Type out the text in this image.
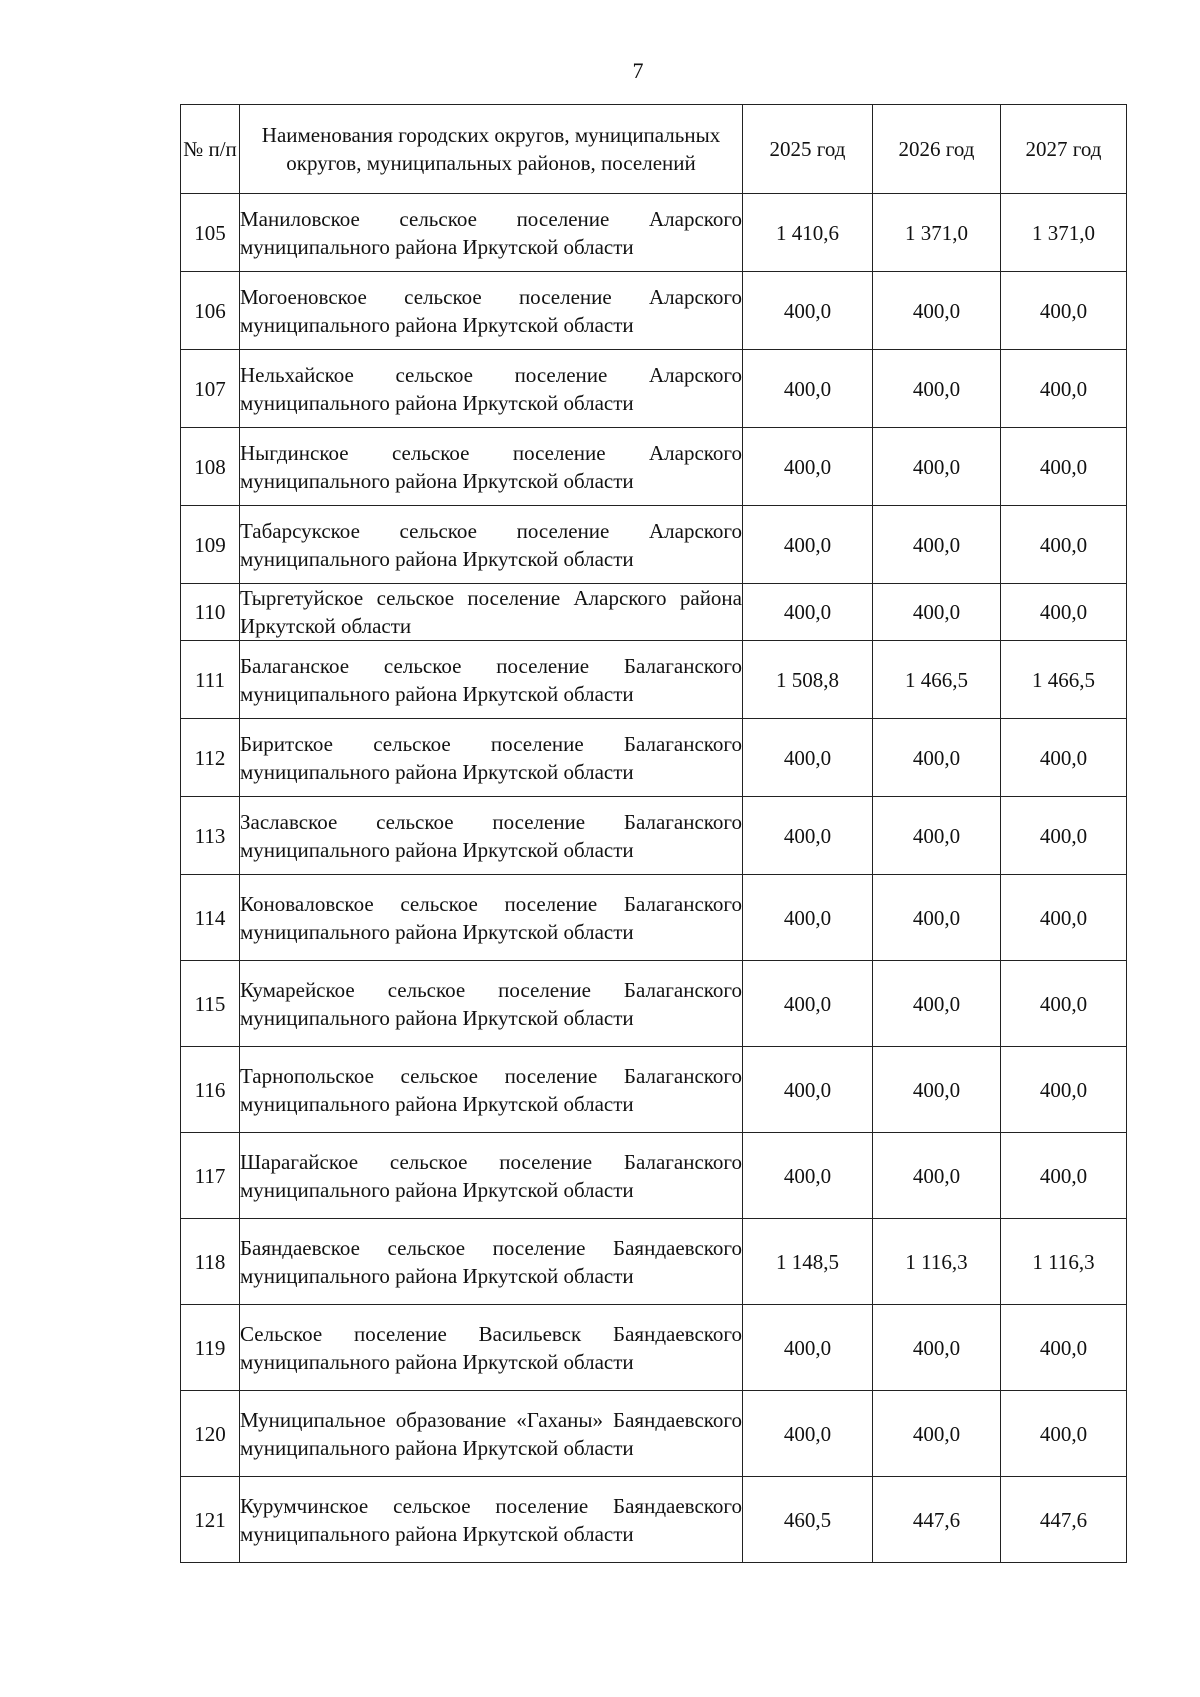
7
№ п/п	Наименования городских округов, муниципальных округов, муниципальных районов, поселений	2025 год	2026 год	2027 год
105	Маниловское сельское поселение Аларского муниципального района Иркутской области	1 410,6	1 371,0	1 371,0
106	Могоеновское сельское поселение Аларского муниципального района Иркутской области	400,0	400,0	400,0
107	Нельхайское сельское поселение Аларского муниципального района Иркутской области	400,0	400,0	400,0
108	Ныгдинское сельское поселение Аларского муниципального района Иркутской области	400,0	400,0	400,0
109	Табарсукское сельское поселение Аларского муниципального района Иркутской области	400,0	400,0	400,0
110	Тыргетуйское сельское поселение Аларского района Иркутской области	400,0	400,0	400,0
111	Балаганское сельское поселение Балаганского муниципального района Иркутской области	1 508,8	1 466,5	1 466,5
112	Биритское сельское поселение Балаганского муниципального района Иркутской области	400,0	400,0	400,0
113	Заславское сельское поселение Балаганского муниципального района Иркутской области	400,0	400,0	400,0
114	Коноваловское сельское поселение Балаганского муниципального района Иркутской области	400,0	400,0	400,0
115	Кумарейское сельское поселение Балаганского муниципального района Иркутской области	400,0	400,0	400,0
116	Тарнопольское сельское поселение Балаганского муниципального района Иркутской области	400,0	400,0	400,0
117	Шарагайское сельское поселение Балаганского муниципального района Иркутской области	400,0	400,0	400,0
118	Баяндаевское сельское поселение Баяндаевского муниципального района Иркутской области	1 148,5	1 116,3	1 116,3
119	Сельское поселение Васильевск Баяндаевского муниципального района Иркутской области	400,0	400,0	400,0
120	Муниципальное образование «Гаханы» Баяндаевского муниципального района Иркутской области	400,0	400,0	400,0
121	Курумчинское сельское поселение Баяндаевского муниципального района Иркутской области	460,5	447,6	447,6
